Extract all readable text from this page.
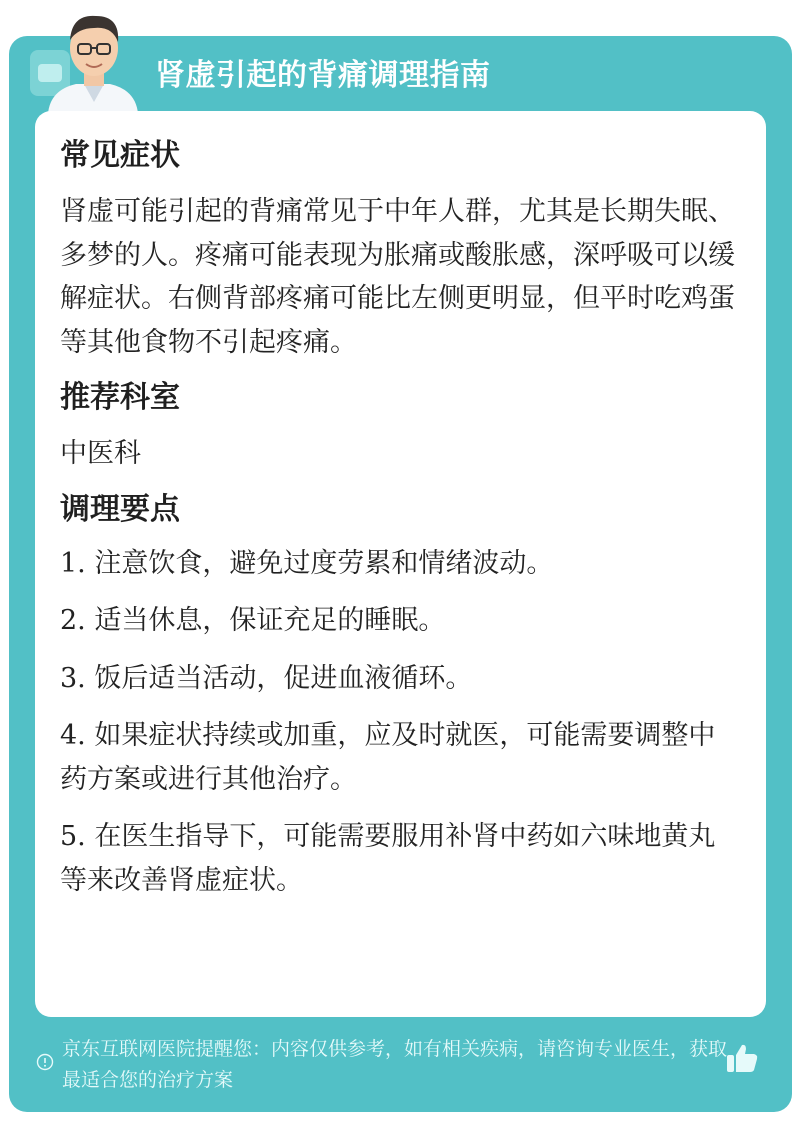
肾虚引起的背痛调理指南
常见症状

肾虚可能引起的背痛常见于中年人群，尤其是长期失眠、多梦的人。疼痛可能表现为胀痛或酸胀感，深呼吸可以缓解症状。右侧背部疼痛可能比左侧更明显，但平时吃鸡蛋等其他食物不引起疼痛。

推荐科室

中医科

调理要点
1. 注意饮食，避免过度劳累和情绪波动。
2. 适当休息，保证充足的睡眠。
3. 饭后适当活动，促进血液循环。
4. 如果症状持续或加重，应及时就医，可能需要调整中药方案或进行其他治疗。
5. 在医生指导下，可能需要服用补肾中药如六味地黄丸等来改善肾虚症状。
京东互联网医院提醒您：内容仅供参考，如有相关疾病，请咨询专业医生，获取最适合您的治疗方案
